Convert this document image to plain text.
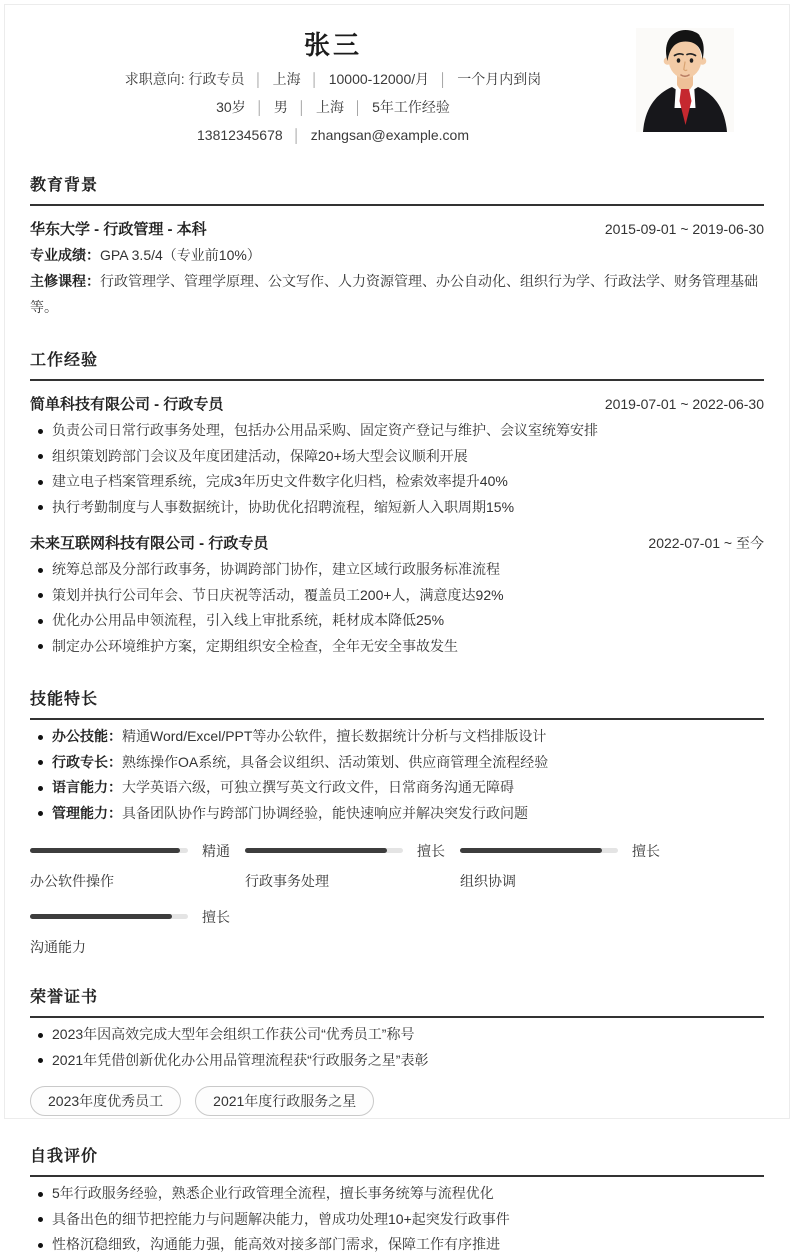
张三
求职意向: 行政专员 │ 上海 │ 10000-12000/月 │ 一个月内到岗
30岁 │ 男 │ 上海 │ 5年工作经验
13812345678 │ zhangsan@example.com
教育背景
华东大学 - 行政管理 - 本科	2015-09-01 ~ 2019-06-30
专业成绩：GPA 3.5/4（专业前10%）
主修课程：行政管理学、管理学原理、公文写作、人力资源管理、办公自动化、组织行为学、行政法学、财务管理基础等。
工作经验
简单科技有限公司 - 行政专员	2019-07-01 ~ 2022-06-30
负责公司日常行政事务处理，包括办公用品采购、固定资产登记与维护、会议室统筹安排
组织策划跨部门会议及年度团建活动，保障20+场大型会议顺利开展
建立电子档案管理系统，完成3年历史文件数字化归档，检索效率提升40%
执行考勤制度与人事数据统计，协助优化招聘流程，缩短新人入职周期15%
未来互联网科技有限公司 - 行政专员	2022-07-01 ~ 至今
统筹总部及分部行政事务，协调跨部门协作，建立区域行政服务标准流程
策划并执行公司年会、节日庆祝等活动，覆盖员工200+人，满意度达92%
优化办公用品申领流程，引入线上审批系统，耗材成本降低25%
制定办公环境维护方案，定期组织安全检查，全年无安全事故发生
技能特长
办公技能：精通Word/Excel/PPT等办公软件，擅长数据统计分析与文档排版设计
行政专长：熟练操作OA系统，具备会议组织、活动策划、供应商管理全流程经验
语言能力：大学英语六级，可独立撰写英文行政文件，日常商务沟通无障碍
管理能力：具备团队协作与跨部门协调经验，能快速响应并解决突发行政问题
精通
办公软件操作
擅长
行政事务处理
擅长
组织协调
擅长
沟通能力
荣誉证书
2023年因高效完成大型年会组织工作获公司“优秀员工”称号
2021年凭借创新优化办公用品管理流程获“行政服务之星”表彰
2023年度优秀员工	2021年度行政服务之星
自我评价
5年行政服务经验，熟悉企业行政管理全流程，擅长事务统筹与流程优化
具备出色的细节把控能力与问题解决能力，曾成功处理10+起突发行政事件
性格沉稳细致，沟通能力强，能高效对接多部门需求，保障工作有序推进
